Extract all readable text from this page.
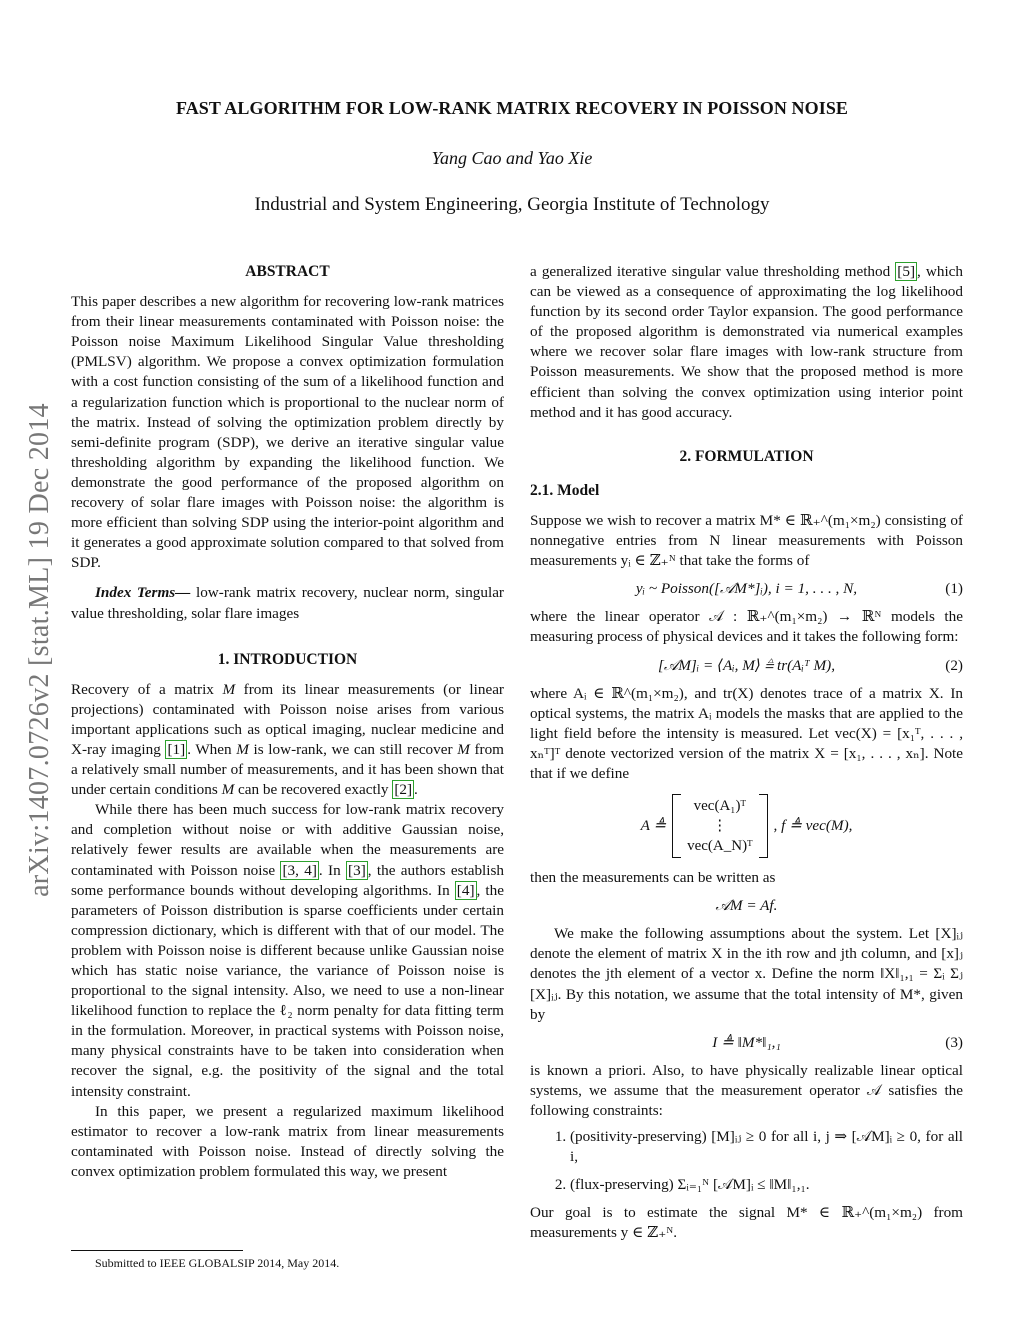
FAST ALGORITHM FOR LOW-RANK MATRIX RECOVERY IN POISSON NOISE
Yang Cao and Yao Xie
Industrial and System Engineering, Georgia Institute of Technology
arXiv:1407.0726v2 [stat.ML] 19 Dec 2014
ABSTRACT

This paper describes a new algorithm for recovering low-rank matrices from their linear measurements contaminated with Poisson noise: the Poisson noise Maximum Likelihood Singular Value thresholding (PMLSV) algorithm. We propose a convex optimization formulation with a cost function consisting of the sum of a likelihood function and a regularization function which is proportional to the nuclear norm of the matrix. Instead of solving the optimization problem directly by semi-definite program (SDP), we derive an iterative singular value thresholding algorithm by expanding the likelihood function. We demonstrate the good performance of the proposed algorithm on recovery of solar flare images with Poisson noise: the algorithm is more efficient than solving SDP using the interior-point algorithm and it generates a good approximate solution compared to that solved from SDP.

Index Terms— low-rank matrix recovery, nuclear norm, singular value thresholding, solar flare images

1. INTRODUCTION

Recovery of a matrix M from its linear measurements (or linear projections) contaminated with Poisson noise arises from various important applications such as optical imaging, nuclear medicine and X-ray imaging [1] . When M is low-rank, we can still recover M from a relatively small number of measurements, and it has been shown that under certain conditions M can be recovered exactly [2] .

While there has been much success for low-rank matrix recovery and completion without noise or with additive Gaussian noise, relatively fewer results are available when the measurements are contaminated with Poisson noise [3, 4] . In [3] , the authors establish some performance bounds without developing algorithms. In [4] , the parameters of Poisson distribution is sparse coefficients under certain compression dictionary, which is different with that of our model. The problem with Poisson noise is different because unlike Gaussian noise which has static noise variance, the variance of Poisson noise is proportional to the signal intensity. Also, we need to use a non-linear likelihood function to replace the ℓ₂ norm penalty for data fitting term in the formulation. Moreover, in practical systems with Poisson noise, many physical constraints have to be taken into consideration when recover the signal, e.g. the positivity of the signal and the total intensity constraint.

In this paper, we present a regularized maximum likelihood estimator to recover a low-rank matrix from linear measurements contaminated with Poisson noise. Instead of directly solving the convex optimization problem formulated this way, we present

a generalized iterative singular value thresholding method [5] , which can be viewed as a consequence of approximating the log likelihood function by its second order Taylor expansion. The good performance of the proposed algorithm is demonstrated via numerical examples where we recover solar flare images with low-rank structure from Poisson measurements. We show that the proposed method is more efficient than solving the convex optimization using interior point method and it has good accuracy.

2. FORMULATION
2.1. Model

Suppose we wish to recover a matrix M* ∈ ℝ₊^(m₁×m₂) consisting of nonnegative entries from N linear measurements with Poisson measurements yᵢ ∈ ℤ₊ᴺ that take the forms of

yᵢ ~ Poisson([𝒜M*]ᵢ), i = 1, . . . , N,	(1)

where the linear operator 𝒜 : ℝ₊^(m₁×m₂) → ℝᴺ models the measuring process of physical devices and it takes the following form:

[𝒜M]ᵢ = ⟨Aᵢ, M⟩ ≜ tr(Aᵢᵀ M),	(2)

where Aᵢ ∈ ℝ^(m₁×m₂), and tr(X) denotes trace of a matrix X. In optical systems, the matrix Aᵢ models the masks that are applied to the light field before the intensity is measured. Let vec(X) = [x₁ᵀ, . . . , xₙᵀ]ᵀ denote vectorized version of the matrix X = [x₁, . . . , xₙ]. Note that if we define

A ≜
vec(A₁)ᵀ
⋮
vec(A_N)ᵀ
, f ≜ vec(M),

then the measurements can be written as

𝒜M = Af.

We make the following assumptions about the system. Let [X]ᵢⱼ denote the element of matrix X in the ith row and jth column, and [x]ⱼ denotes the jth element of a vector x. Define the norm ‖X‖₁,₁ = Σᵢ Σⱼ [X]ᵢⱼ. By this notation, we assume that the total intensity of M*, given by

I ≜ ‖M*‖₁,₁	(3)

is known a priori. Also, to have physically realizable linear optical systems, we assume that the measurement operator 𝒜 satisfies the following constraints:

1. (positivity-preserving) [M]ᵢⱼ ≥ 0 for all i, j ⇒ [𝒜M]ᵢ ≥ 0, for all i,
2. (flux-preserving) Σᵢ₌₁ᴺ [𝒜M]ᵢ ≤ ‖M‖₁,₁.

Our goal is to estimate the signal M* ∈ ℝ₊^(m₁×m₂) from measurements y ∈ ℤ₊ᴺ.

Submitted to IEEE GLOBALSIP 2014, May 2014.
